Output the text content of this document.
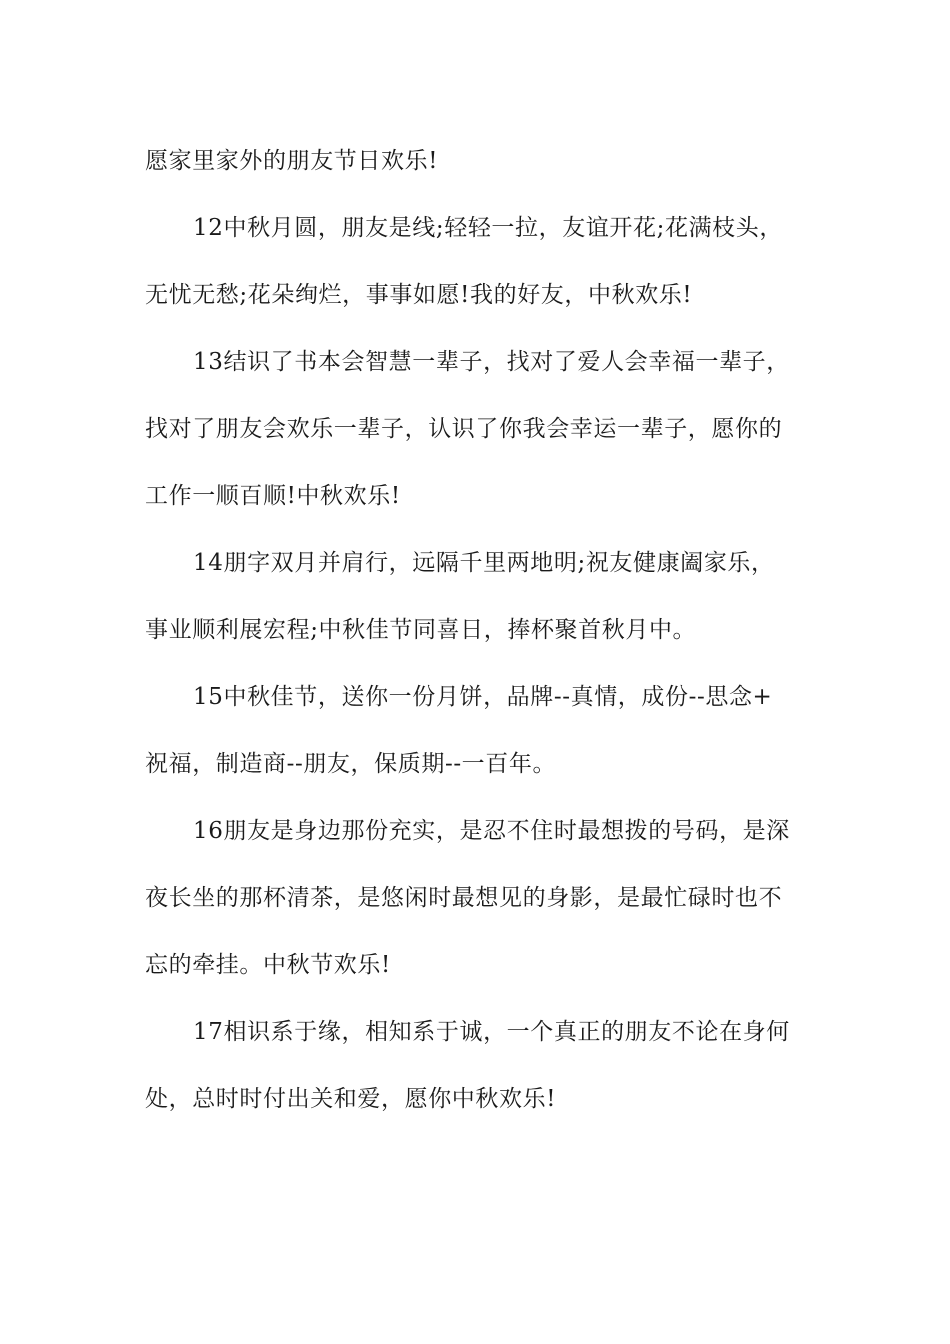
愿家里家外的朋友节日欢乐!

12中秋月圆，朋友是线;轻轻一拉，友谊开花;花满枝头，
无忧无愁;花朵绚烂，事事如愿!我的好友，中秋欢乐!

13结识了书本会智慧一辈子，找对了爱人会幸福一辈子，
找对了朋友会欢乐一辈子，认识了你我会幸运一辈子，愿你的
工作一顺百顺!中秋欢乐!

14朋字双月并肩行，远隔千里两地明;祝友健康阖家乐，
事业顺利展宏程;中秋佳节同喜日，捧杯聚首秋月中。

15中秋佳节，送你一份月饼，品牌--真情，成份--思念+
祝福，制造商--朋友，保质期--一百年。

16朋友是身边那份充实，是忍不住时最想拨的号码，是深
夜长坐的那杯清茶，是悠闲时最想见的身影，是最忙碌时也不
忘的牵挂。中秋节欢乐!

17相识系于缘，相知系于诚，一个真正的朋友不论在身何
处，总时时付出关和爱，愿你中秋欢乐!
